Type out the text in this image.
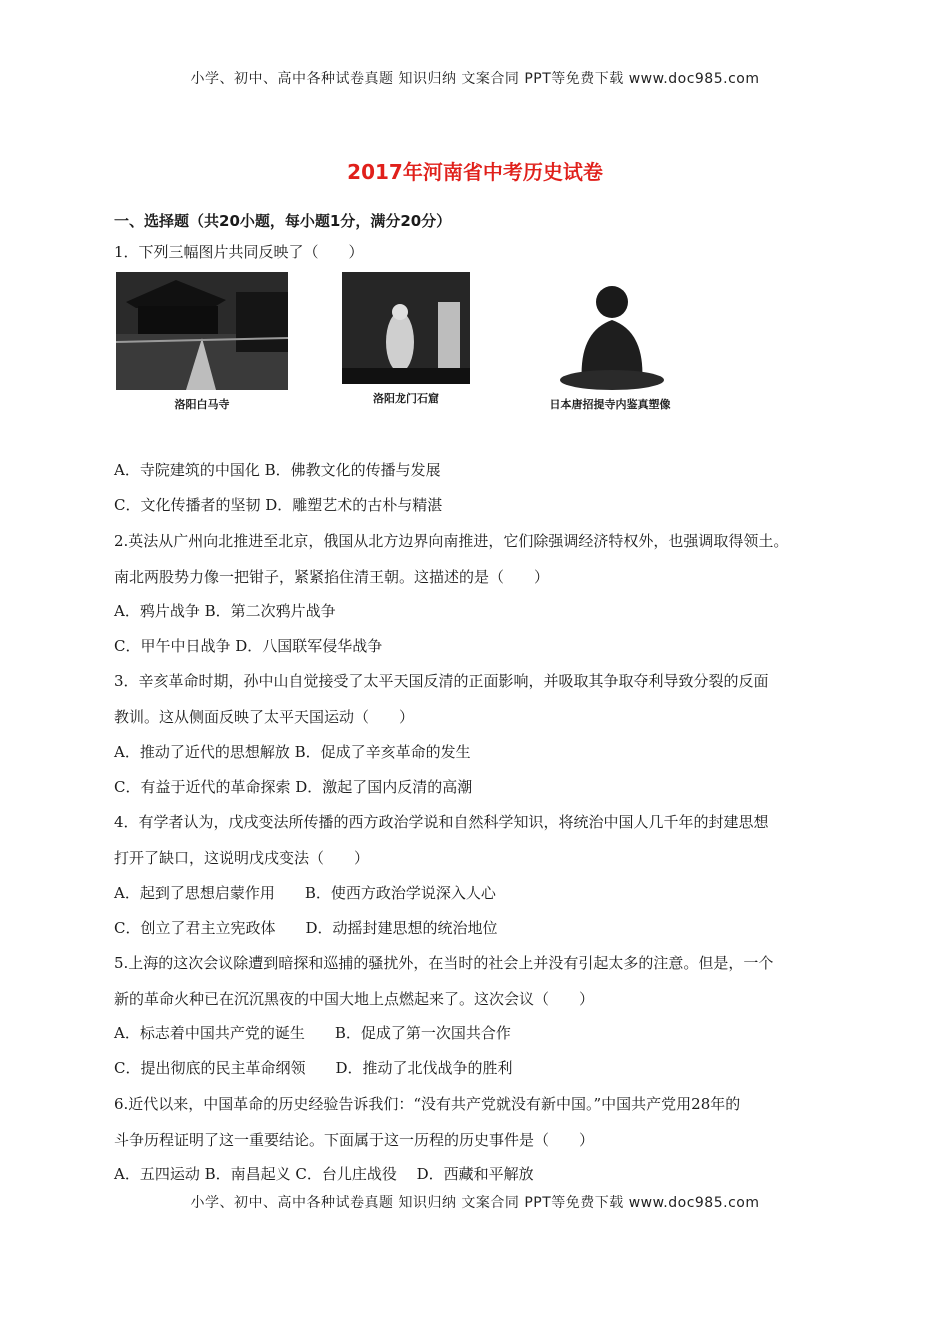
小学、初中、高中各种试卷真题 知识归纳 文案合同 PPT等免费下载 www.doc985.com
2017年河南省中考历史试卷
一、选择题（共20小题，每小题1分，满分20分）
1．下列三幅图片共同反映了（　　）
洛阳白马寺	洛阳龙门石窟	日本唐招提寺内鉴真塑像
A．寺院建筑的中国化 B．佛教文化的传播与发展
C．文化传播者的坚韧 D．雕塑艺术的古朴与精湛
2.英法从广州向北推进至北京，俄国从北方边界向南推进，它们除强调经济特权外，也强调取得领土。
南北两股势力像一把钳子，紧紧掐住清王朝。这描述的是（　　）
A．鸦片战争 B．第二次鸦片战争
C．甲午中日战争 D．八国联军侵华战争
3．辛亥革命时期，孙中山自觉接受了太平天国反清的正面影响，并吸取其争取夺利导致分裂的反面
教训。这从侧面反映了太平天国运动（　　）
A．推动了近代的思想解放 B．促成了辛亥革命的发生
C．有益于近代的革命探索 D．激起了国内反清的高潮
4．有学者认为，戊戌变法所传播的西方政治学说和自然科学知识，将统治中国人几千年的封建思想
打开了缺口，这说明戊戌变法（　　）
A．起到了思想启蒙作用　　B．使西方政治学说深入人心
C．创立了君主立宪政体　　D．动摇封建思想的统治地位
5.上海的这次会议除遭到暗探和巡捕的骚扰外，在当时的社会上并没有引起太多的注意。但是，一个
新的革命火种已在沉沉黑夜的中国大地上点燃起来了。这次会议（　　）
A．标志着中国共产党的诞生　　B．促成了第一次国共合作
C．提出彻底的民主革命纲领　　D．推动了北伐战争的胜利
6.近代以来，中国革命的历史经验告诉我们：“没有共产党就没有新中国。”中国共产党用28年的
斗争历程证明了这一重要结论。下面属于这一历程的历史事件是（　　）
A．五四运动 B．南昌起义 C．台儿庄战役　 D．西藏和平解放
小学、初中、高中各种试卷真题 知识归纳 文案合同 PPT等免费下载 www.doc985.com
